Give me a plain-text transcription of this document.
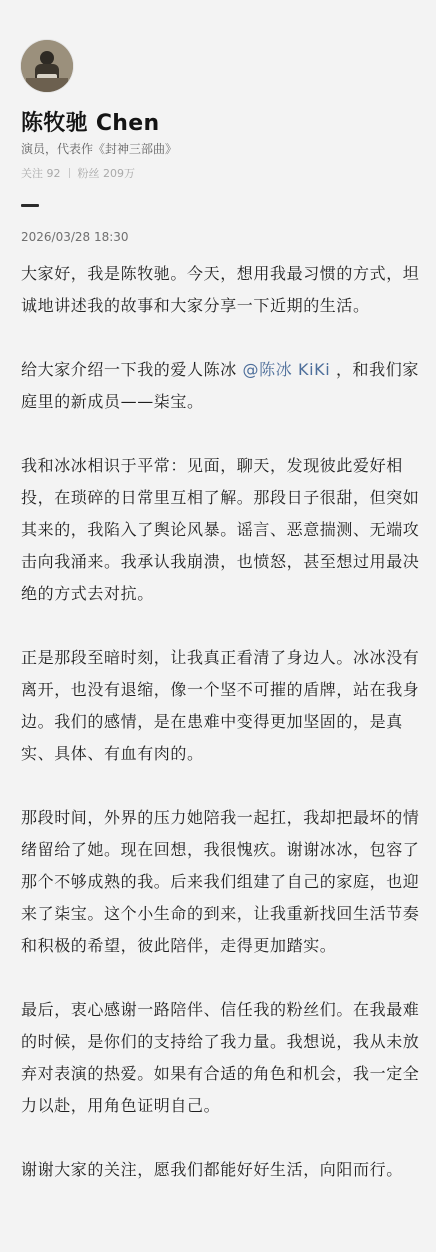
陈牧驰 Chen
演员，代表作《封神三部曲》
关注 92 粉丝 209万
2026/03/28 18:30

大家好，我是陈牧驰。今天，想用我最习惯的方式，坦诚地讲述我的故事和大家分享一下近期的生活。

给大家介绍一下我的爱人陈冰 @陈冰 KiKi ，和我们家庭里的新成员——柒宝。

我和冰冰相识于平常：见面，聊天，发现彼此爱好相投，在琐碎的日常里互相了解。那段日子很甜，但突如其来的，我陷入了舆论风暴。谣言、恶意揣测、无端攻击向我涌来。我承认我崩溃，也愤怒，甚至想过用最决绝的方式去对抗。

正是那段至暗时刻，让我真正看清了身边人。冰冰没有离开，也没有退缩，像一个坚不可摧的盾牌，站在我身边。我们的感情，是在患难中变得更加坚固的，是真实、具体、有血有肉的。

那段时间，外界的压力她陪我一起扛，我却把最坏的情绪留给了她。现在回想，我很愧疚。谢谢冰冰，包容了那个不够成熟的我。后来我们组建了自己的家庭，也迎来了柒宝。这个小生命的到来，让我重新找回生活节奏和积极的希望，彼此陪伴，走得更加踏实。

最后，衷心感谢一路陪伴、信任我的粉丝们。在我最难的时候，是你们的支持给了我力量。我想说，我从未放弃对表演的热爱。如果有合适的角色和机会，我一定全力以赴，用角色证明自己。

谢谢大家的关注，愿我们都能好好生活，向阳而行。
